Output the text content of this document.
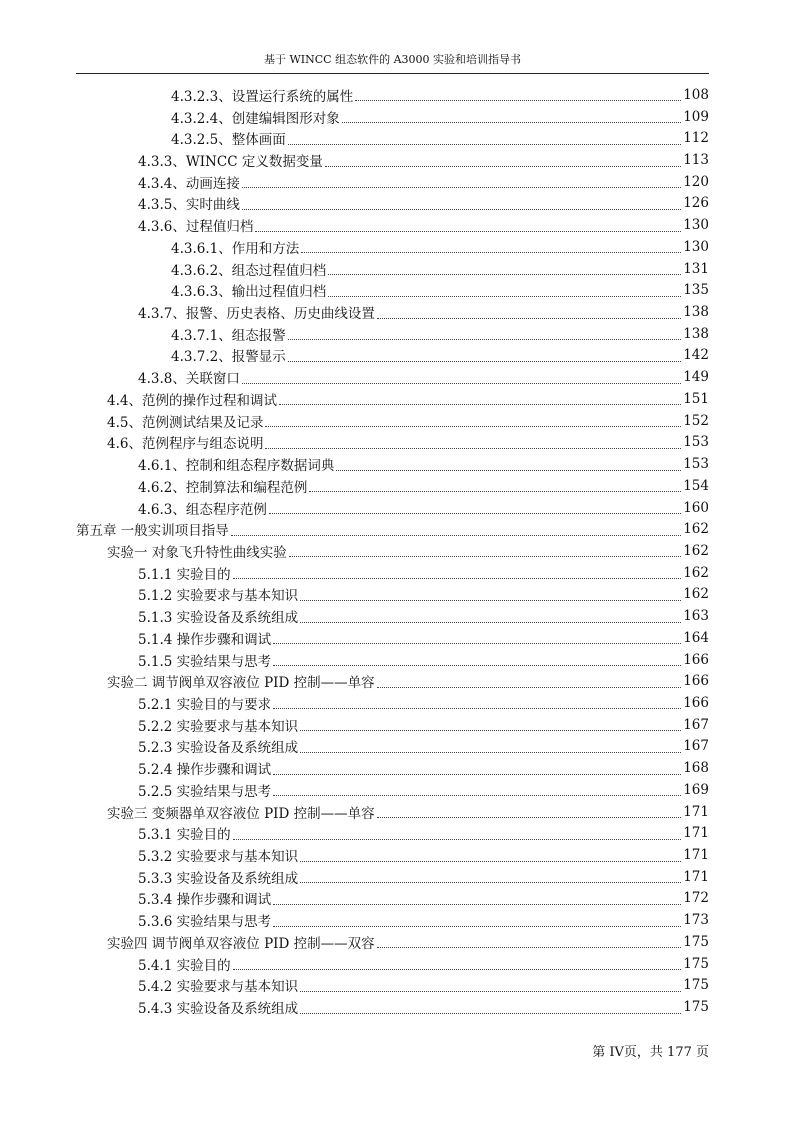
基于 WINCC 组态软件的 A3000 实验和培训指导书
4.3.2.3、设置运行系统的属性	108
4.3.2.4、创建编辑图形对象	109
4.3.2.5、整体画面	112
4.3.3、WINCC 定义数据变量	113
4.3.4、动画连接	120
4.3.5、实时曲线	126
4.3.6、过程值归档	130
4.3.6.1、作用和方法	130
4.3.6.2、组态过程值归档	131
4.3.6.3、输出过程值归档	135
4.3.7、报警、历史表格、历史曲线设置	138
4.3.7.1、组态报警	138
4.3.7.2、报警显示	142
4.3.8、关联窗口	149
4.4、范例的操作过程和调试	151
4.5、范例测试结果及记录	152
4.6、范例程序与组态说明	153
4.6.1、控制和组态程序数据词典	153
4.6.2、控制算法和编程范例	154
4.6.3、组态程序范例	160
第五章 一般实训项目指导	162
实验一 对象飞升特性曲线实验	162
5.1.1 实验目的	162
5.1.2 实验要求与基本知识	162
5.1.3 实验设备及系统组成	163
5.1.4 操作步骤和调试	164
5.1.5 实验结果与思考	166
实验二 调节阀单双容液位 PID 控制——单容	166
5.2.1 实验目的与要求	166
5.2.2 实验要求与基本知识	167
5.2.3 实验设备及系统组成	167
5.2.4 操作步骤和调试	168
5.2.5 实验结果与思考	169
实验三 变频器单双容液位 PID 控制——单容	171
5.3.1 实验目的	171
5.3.2 实验要求与基本知识	171
5.3.3 实验设备及系统组成	171
5.3.4 操作步骤和调试	172
5.3.6 实验结果与思考	173
实验四 调节阀单双容液位 PID 控制——双容	175
5.4.1 实验目的	175
5.4.2 实验要求与基本知识	175
5.4.3 实验设备及系统组成	175
第 IV页，共 177 页
